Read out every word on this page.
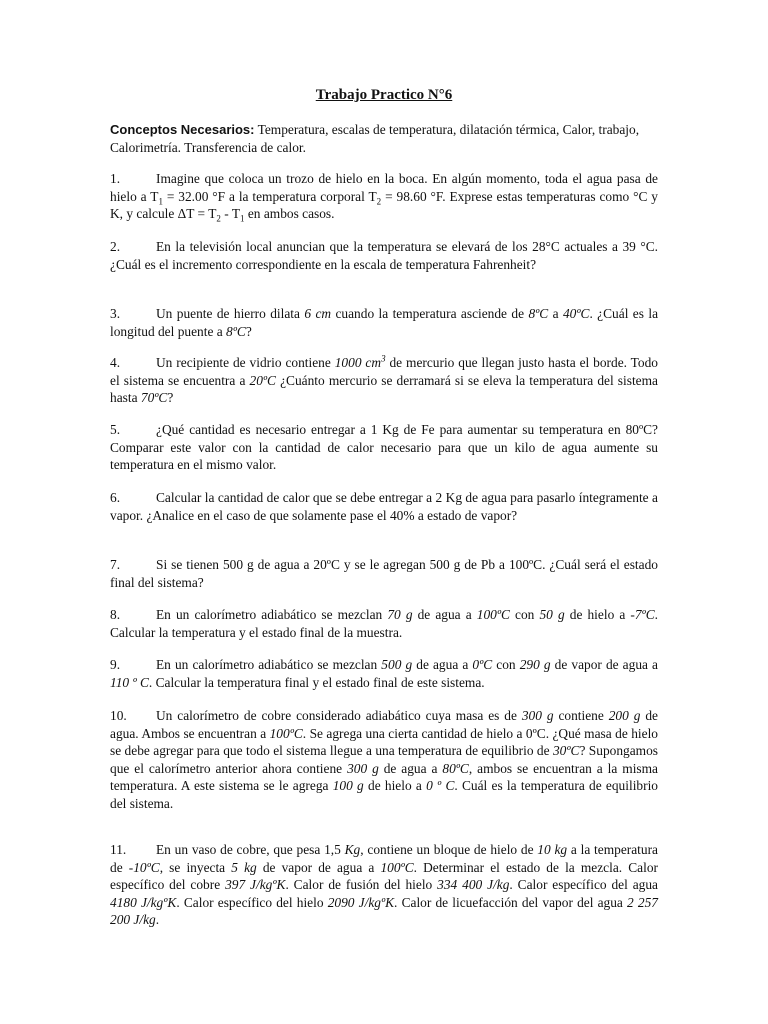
Trabajo Practico N°6
Conceptos Necesarios: Temperatura, escalas de temperatura, dilatación térmica, Calor, trabajo, Calorimetría. Transferencia de calor.
1.	Imagine que coloca un trozo de hielo en la boca. En algún momento, toda el agua pasa de hielo a $T_1 = 32.00$ °F a la temperatura corporal $T_2 = 98.60$ °F. Exprese estas temperaturas como °C y K, y calcule $\Delta T = T_2 - T_1$ en ambos casos.
2.	En la televisión local anuncian que la temperatura se elevará de los 28°C actuales a 39 °C. ¿Cuál es el incremento correspondiente en la escala de temperatura Fahrenheit?
3.	Un puente de hierro dilata 6 cm cuando la temperatura asciende de 8ºC a 40ºC. ¿Cuál es la longitud del puente a 8ºC?
4.	Un recipiente de vidrio contiene 1000 $cm^3$ de mercurio que llegan justo hasta el borde. Todo el sistema se encuentra a 20ºC ¿Cuánto mercurio se derramará si se eleva la temperatura del sistema hasta 70ºC?
5.	¿Qué cantidad es necesario entregar a 1 Kg de Fe para aumentar su temperatura en 80ºC? Comparar este valor con la cantidad de calor necesario para que un kilo de agua aumente su temperatura en el mismo valor.
6.	Calcular la cantidad de calor que se debe entregar a 2 Kg de agua para pasarlo íntegramente a vapor. ¿Analice en el caso de que solamente pase el 40% a estado de vapor?
7.	Si se tienen 500 g de agua a 20ºC y se le agregan 500 g de Pb a 100ºC. ¿Cuál será el estado final del sistema?
8.	En un calorímetro adiabático se mezclan 70 g de agua a 100ºC con 50 g de hielo a -7ºC. Calcular la temperatura y el estado final de la muestra.
9.	En un calorímetro adiabático se mezclan 500 g de agua a 0ºC con 290 g de vapor de agua a 110 º C. Calcular la temperatura final y el estado final de este sistema.
10. Un calorímetro de cobre considerado adiabático cuya masa es de 300 g contiene 200 g de agua. Ambos se encuentran a 100ºC. Se agrega una cierta cantidad de hielo a 0ºC. ¿Qué masa de hielo se debe agregar para que todo el sistema llegue a una temperatura de equilibrio de 30ºC? Supongamos que el calorímetro anterior ahora contiene 300 g de agua a 80ºC, ambos se encuentran a la misma temperatura. A este sistema se le agrega 100 g de hielo a 0 º C. Cuál es la temperatura de equilibrio del sistema.
11. En un vaso de cobre, que pesa 1,5 Kg, contiene un bloque de hielo de 10 kg a la temperatura de -10ºC, se inyecta 5 kg de vapor de agua a 100ºC. Determinar el estado de la mezcla. Calor específico del cobre 397 J/kgºK. Calor de fusión del hielo 334 400 J/kg. Calor específico del agua 4180 J/kgºK. Calor específico del hielo 2090 J/kgºK. Calor de licuefacción del vapor del agua 2 257 200 J/kg.
